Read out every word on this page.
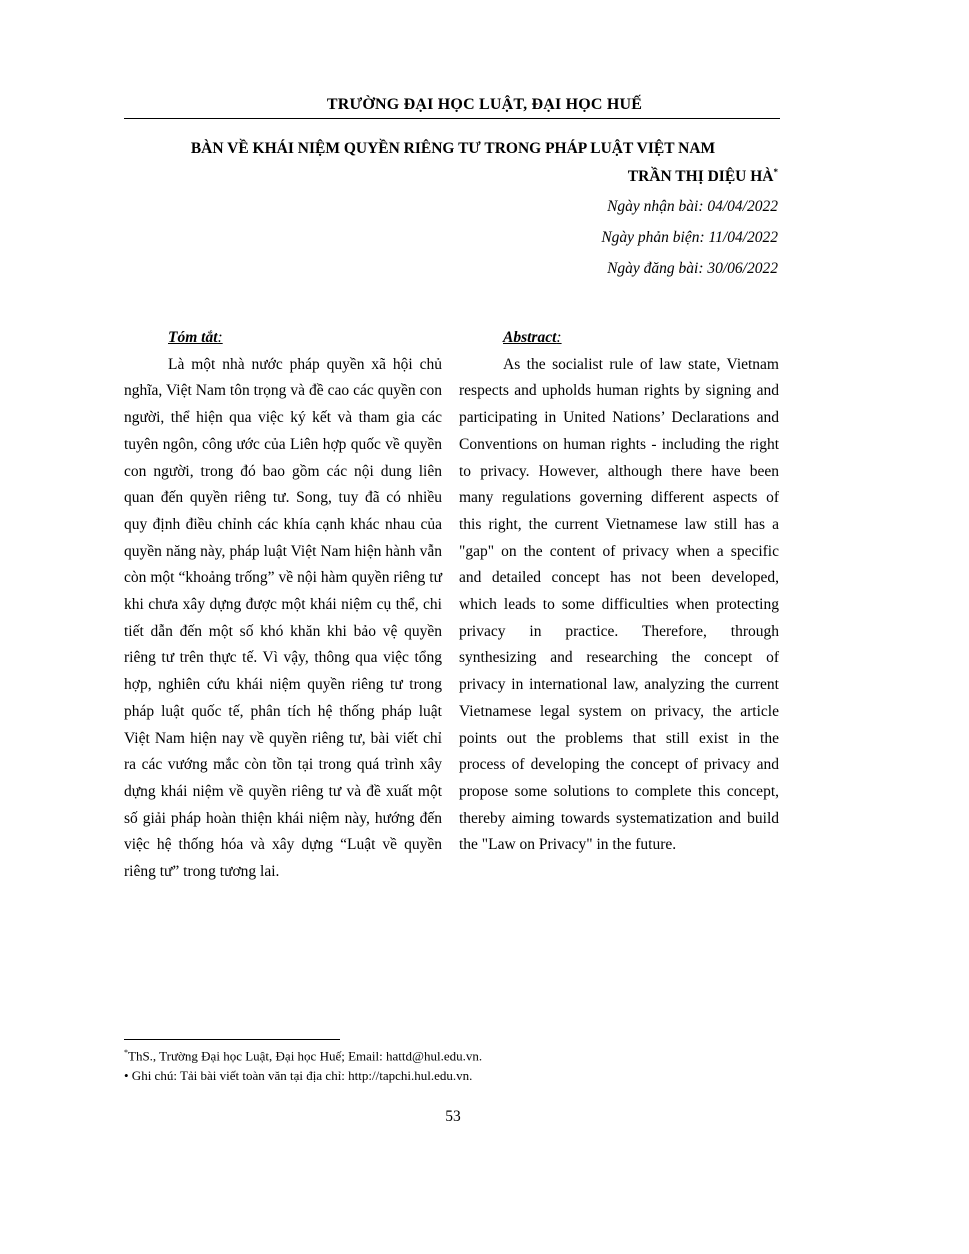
TRƯỜNG ĐẠI HỌC LUẬT, ĐẠI HỌC HUẾ
BÀN VỀ KHÁI NIỆM QUYỀN RIÊNG TƯ TRONG PHÁP LUẬT VIỆT NAM
TRẦN THỊ DIỆU HÀ*
Ngày nhận bài: 04/04/2022
Ngày phản biện: 11/04/2022
Ngày đăng bài: 30/06/2022
Tóm tắt:

Là một nhà nước pháp quyền xã hội chủ nghĩa, Việt Nam tôn trọng và đề cao các quyền con người, thể hiện qua việc ký kết và tham gia các tuyên ngôn, công ước của Liên hợp quốc về quyền con người, trong đó bao gồm các nội dung liên quan đến quyền riêng tư. Song, tuy đã có nhiều quy định điều chỉnh các khía cạnh khác nhau của quyền năng này, pháp luật Việt Nam hiện hành vẫn còn một “khoảng trống” về nội hàm quyền riêng tư khi chưa xây dựng được một khái niệm cụ thể, chi tiết dẫn đến một số khó khăn khi bảo vệ quyền riêng tư trên thực tế. Vì vậy, thông qua việc tổng hợp, nghiên cứu khái niệm quyền riêng tư trong pháp luật quốc tế, phân tích hệ thống pháp luật Việt Nam hiện nay về quyền riêng tư, bài viết chỉ ra các vướng mắc còn tồn tại trong quá trình xây dựng khái niệm về quyền riêng tư và đề xuất một số giải pháp hoàn thiện khái niệm này, hướng đến việc hệ thống hóa và xây dựng “Luật về quyền riêng tư” trong tương lai.

Abstract:

As the socialist rule of law state, Vietnam respects and upholds human rights by signing and participating in United Nations’ Declarations and Conventions on human rights - including the right to privacy. However, although there have been many regulations governing different aspects of this right, the current Vietnamese law still has a "gap" on the content of privacy when a specific and detailed concept has not been developed, which leads to some difficulties when protecting privacy in practice. Therefore, through synthesizing and researching the concept of privacy in international law, analyzing the current Vietnamese legal system on privacy, the article points out the problems that still exist in the process of developing the concept of privacy and propose some solutions to complete this concept, thereby aiming towards systematization and build the "Law on Privacy" in the future.

*ThS., Trường Đại học Luật, Đại học Huế; Email: hattd@hul.edu.vn.
• Ghi chú: Tải bài viết toàn văn tại địa chỉ: http://tapchi.hul.edu.vn.
53
